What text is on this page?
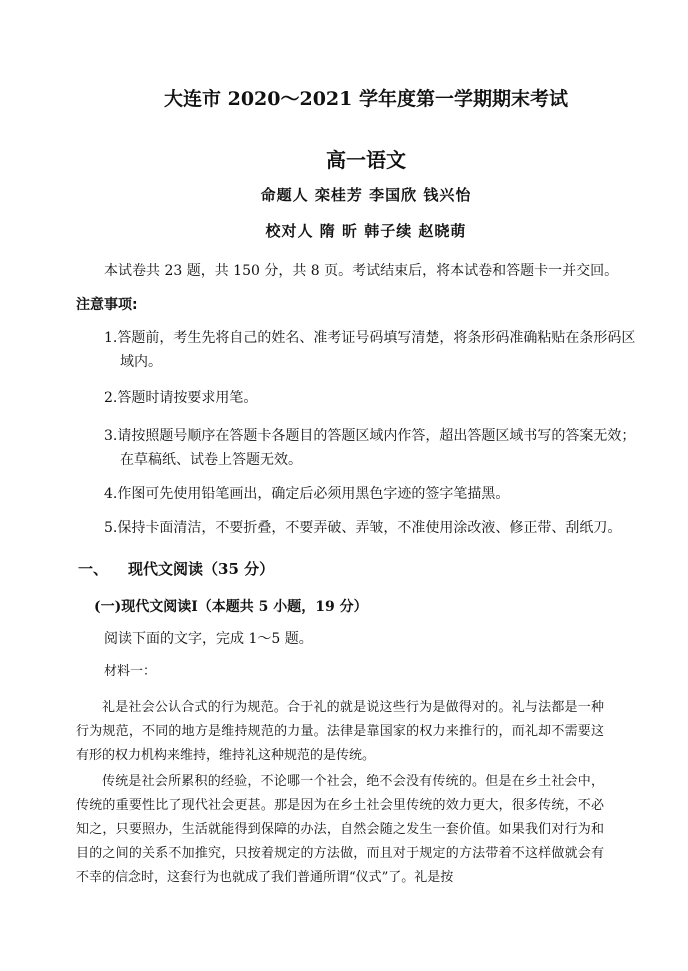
大连市 2020～2021 学年度第一学期期末考试
高一语文
命题人 栾桂芳 李国欣 钱兴怡
校对人 隋 昕 韩子续 赵晓萌
本试卷共 23 题，共 150 分，共 8 页。考试结束后，将本试卷和答题卡一并交回。
注意事项:
1.答题前，考生先将自己的姓名、准考证号码填写清楚，将条形码准确粘贴在条形码区域内。
2.答题时请按要求用笔。
3.请按照题号顺序在答题卡各题目的答题区域内作答，超出答题区域书写的答案无效；在草稿纸、试卷上答题无效。
4.作图可先使用铅笔画出，确定后必须用黑色字迹的签字笔描黑。
5.保持卡面清洁，不要折叠，不要弄破、弄皱，不准使用涂改液、修正带、刮纸刀。
一、 现代文阅读（35 分）
(一)现代文阅读Ⅰ（本题共 5 小题，19 分）
阅读下面的文字，完成 1～5 题。
材料一：
礼是社会公认合式的行为规范。合于礼的就是说这些行为是做得对的。礼与法都是一种行为规范，不同的地方是维持规范的力量。法律是靠国家的权力来推行的，而礼却不需要这有形的权力机构来维持，维持礼这种规范的是传统。
传统是社会所累积的经验，不论哪一个社会，绝不会没有传统的。但是在乡土社会中，传统的重要性比了现代社会更甚。那是因为在乡土社会里传统的效力更大，很多传统，不必知之，只要照办，生活就能得到保障的办法，自然会随之发生一套价值。如果我们对行为和目的之间的关系不加推究，只按着规定的方法做，而且对于规定的方法带着不这样做就会有不幸的信念时，这套行为也就成了我们普通所谓“仪式”了。礼是按
